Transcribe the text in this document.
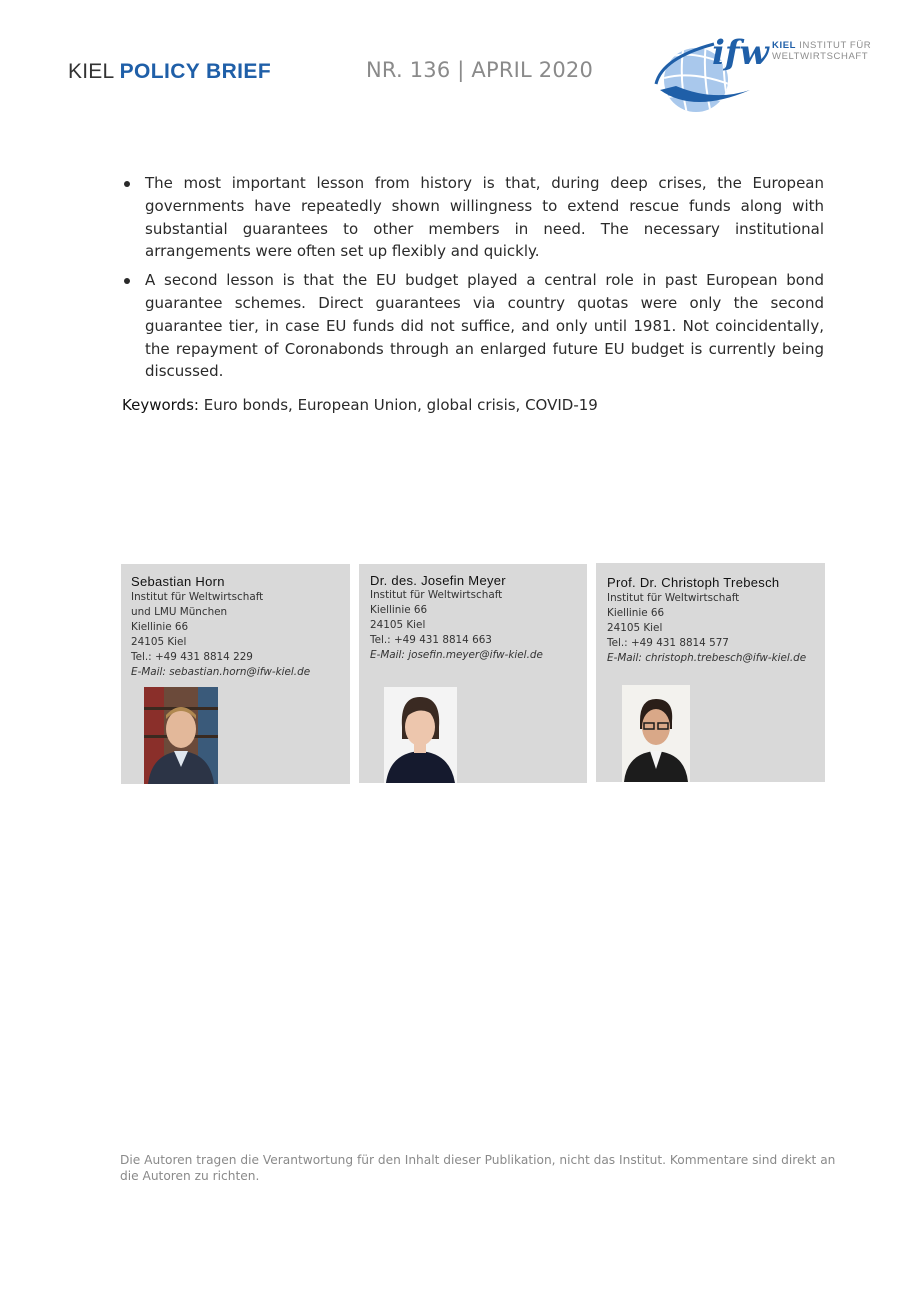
KIEL POLICY BRIEF	NR. 136 | APRIL 2020	ifw KIEL INSTITUT FÜR
WELTWIRTSCHAFT
The most important lesson from history is that, during deep crises, the European governments have repeatedly shown willingness to extend rescue funds along with substantial guarantees to other members in need. The necessary institutional arrangements were often set up flexibly and quickly.
A second lesson is that the EU budget played a central role in past European bond guarantee schemes. Direct guarantees via country quotas were only the second guarantee tier, in case EU funds did not suffice, and only until 1981. Not coincidentally, the repayment of Coronabonds through an enlarged future EU budget is currently being discussed.
Keywords: Euro bonds, European Union, global crisis, COVID-19
Sebastian Horn
Institut für Weltwirtschaft
und LMU München
Kiellinie 66
24105 Kiel
Tel.: +49 431 8814 229
E-Mail: sebastian.horn@ifw-kiel.de
Dr. des. Josefin Meyer
Institut für Weltwirtschaft
Kiellinie 66
24105 Kiel
Tel.: +49 431 8814 663
E-Mail: josefin.meyer@ifw-kiel.de
Prof. Dr. Christoph Trebesch
Institut für Weltwirtschaft
Kiellinie 66
24105 Kiel
Tel.: +49 431 8814 577
E-Mail: christoph.trebesch@ifw-kiel.de
Die Autoren tragen die Verantwortung für den Inhalt dieser Publikation, nicht das Institut. Kommentare sind direkt an die Autoren zu richten.
